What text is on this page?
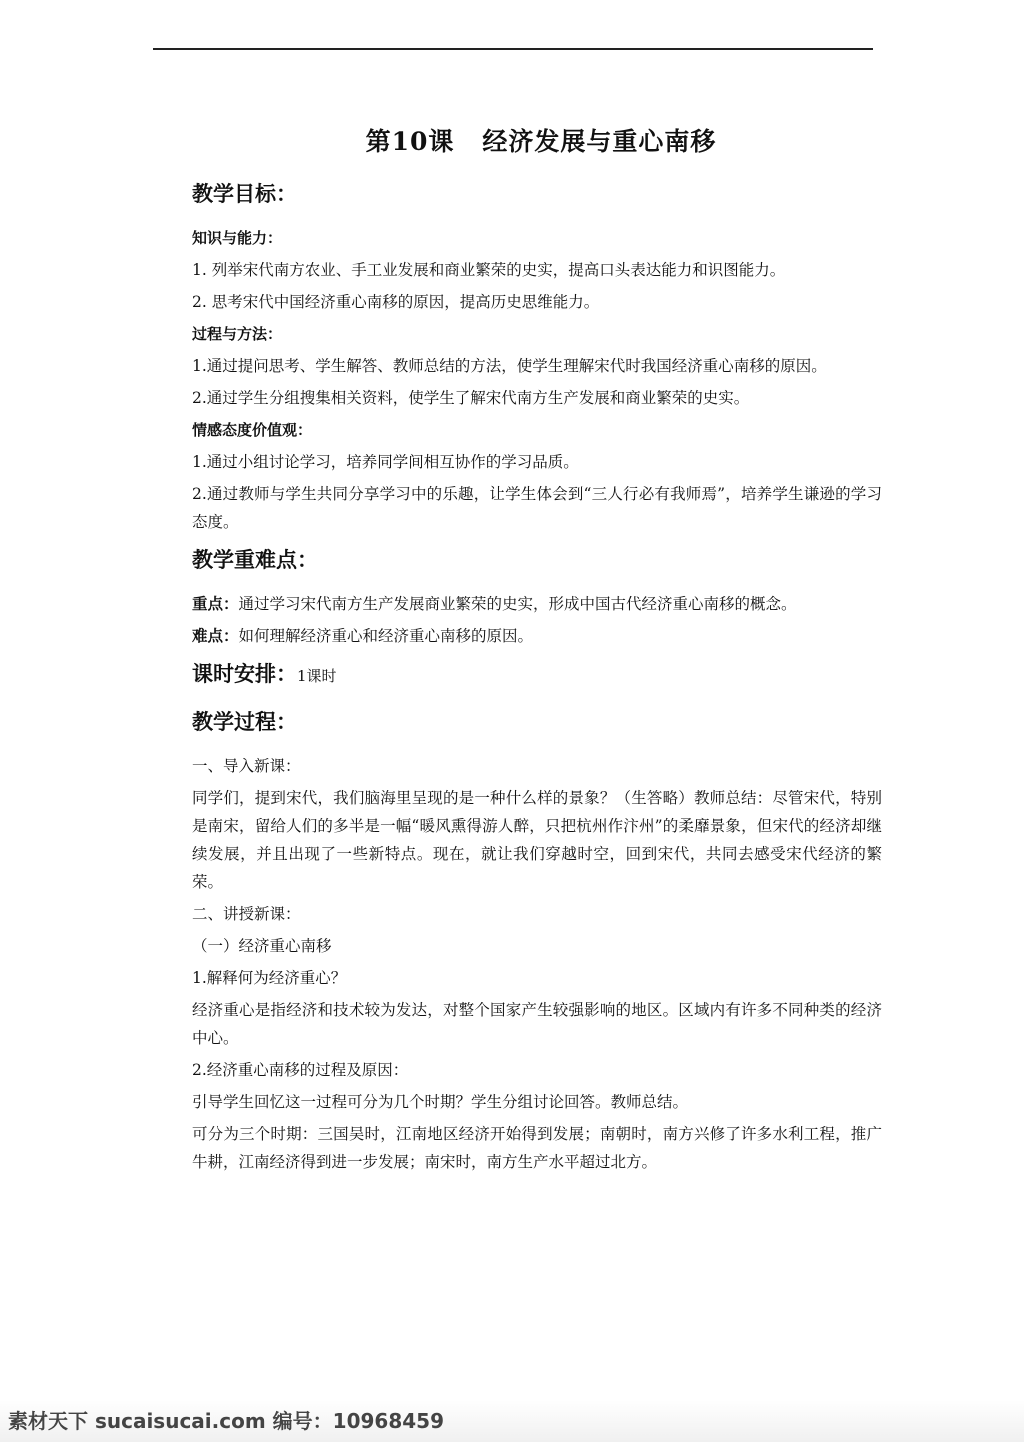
第10课 经济发展与重心南移
教学目标：
知识与能力：

1. 列举宋代南方农业、手工业发展和商业繁荣的史实，提高口头表达能力和识图能力。

2. 思考宋代中国经济重心南移的原因，提高历史思维能力。

过程与方法：

1.通过提问思考、学生解答、教师总结的方法，使学生理解宋代时我国经济重心南移的原因。

2.通过学生分组搜集相关资料，使学生了解宋代南方生产发展和商业繁荣的史实。

情感态度价值观：

1.通过小组讨论学习，培养同学间相互协作的学习品质。

2.通过教师与学生共同分享学习中的乐趣，让学生体会到“三人行必有我师焉”，培养学生谦逊的学习态度。

教学重难点：

重点：通过学习宋代南方生产发展商业繁荣的史实，形成中国古代经济重心南移的概念。

难点：如何理解经济重心和经济重心南移的原因。

课时安排：1课时
教学过程：

一、导入新课：

同学们，提到宋代，我们脑海里呈现的是一种什么样的景象？（生答略）教师总结：尽管宋代，特别是南宋，留给人们的多半是一幅“暖风熏得游人醉，只把杭州作汴州”的柔靡景象，但宋代的经济却继续发展，并且出现了一些新特点。现在，就让我们穿越时空，回到宋代，共同去感受宋代经济的繁荣。

二、讲授新课：

（一）经济重心南移

1.解释何为经济重心？

经济重心是指经济和技术较为发达，对整个国家产生较强影响的地区。区域内有许多不同种类的经济中心。

2.经济重心南移的过程及原因：

引导学生回忆这一过程可分为几个时期？学生分组讨论回答。教师总结。

可分为三个时期：三国吴时，江南地区经济开始得到发展；南朝时，南方兴修了许多水利工程，推广牛耕，江南经济得到进一步发展；南宋时，南方生产水平超过北方。

素材天下 sucaisucai.com 编号：10968459
